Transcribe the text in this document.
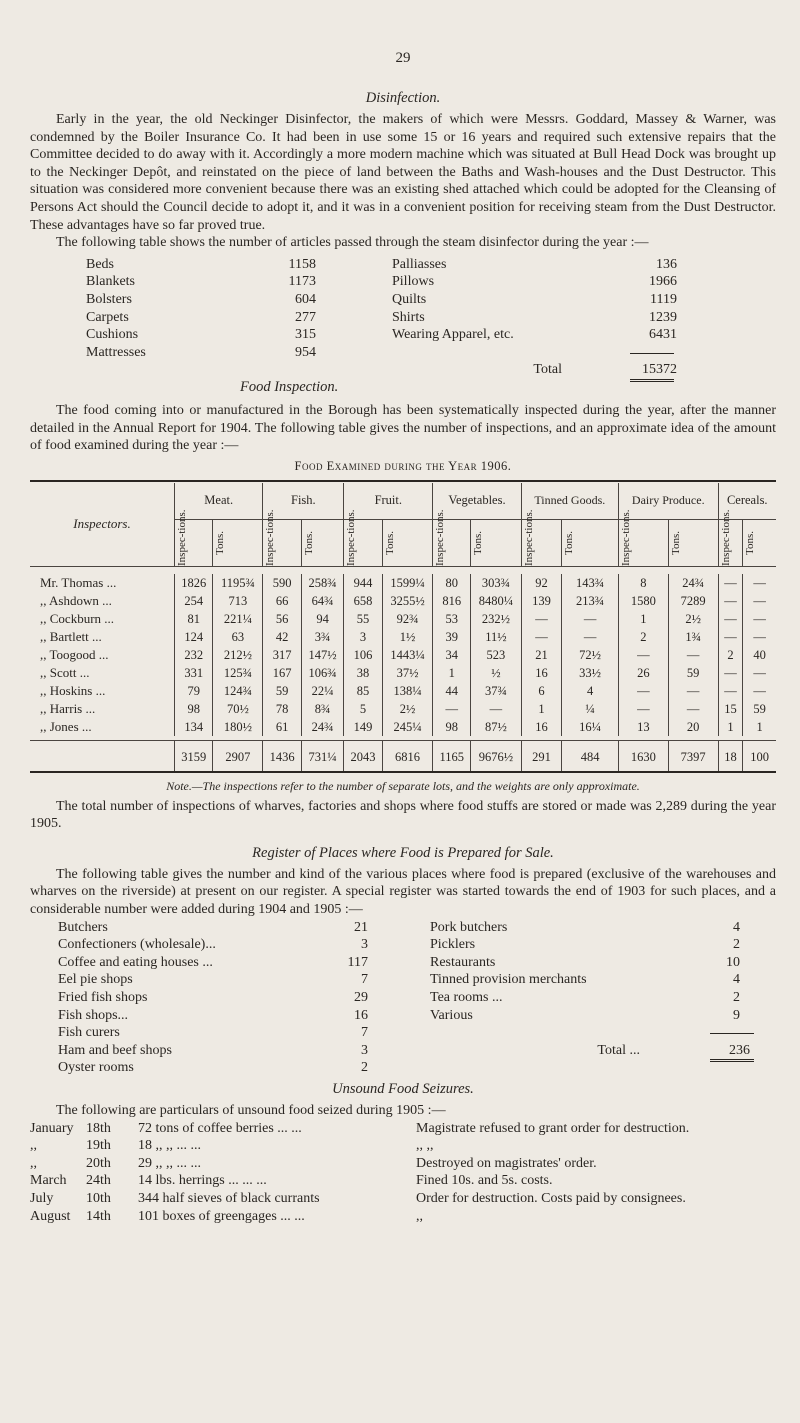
29
Disinfection.

Early in the year, the old Neckinger Disinfector, the makers of which were Messrs. Goddard, Massey & Warner, was condemned by the Boiler Insurance Co. It had been in use some 15 or 16 years and required such extensive repairs that the Committee decided to do away with it. Accordingly a more modern machine which was situated at Bull Head Dock was brought up to the Neckinger Depôt, and reinstated on the piece of land between the Baths and Wash-houses and the Dust Destructor. This situation was considered more convenient because there was an existing shed attached which could be adopted for the Cleansing of Persons Act should the Council decide to adopt it, and it was in a convenient position for receiving steam from the Dust Destructor. These advantages have so far proved true.

The following table shows the number of articles passed through the steam disinfector during the year :—

Beds	1158
Blankets	1173
Bolsters	604
Carpets	277
Cushions	315
Mattresses	954
Palliasses	136
Pillows	1966
Quilts	1119
Shirts	1239
Wearing Apparel, etc.	6431
Total	15372
Food Inspection.

The food coming into or manufactured in the Borough has been systematically inspected during the year, after the manner detailed in the Annual Report for 1904. The following table gives the number of inspections, and an approximate idea of the amount of food examined during the year :—

Food Examined during the Year 1906.
Inspectors.	Meat.		Fish.		Fruit.		Vegetables.		Tinned Goods.		Dairy Produce.		Cereals.	

	Inspec-tions.	Tons.	Inspec-tions.	Tons.	Inspec-tions.	Tons.	Inspec-tions.	Tons.	Inspec-tions.	Tons.	Inspec-tions.	Tons.	Inspec-tions.	Tons.

Mr. Thomas ...	1826	1195¾	590	258¾	944	1599¼	80	303¾	92	143¾	8	24¾	—	—
,, Ashdown ...	254	713	66	64¾	658	3255½	816	8480¼	139	213¾	1580	7289	—	—
,, Cockburn ...	81	221¼	56	94	55	92¾	53	232½	—	—	1	2½	—	—
,, Bartlett ...	124	63	42	3¾	3	1½	39	11½	—	—	2	1¾	—	—
,, Toogood ...	232	212½	317	147½	106	1443¼	34	523	21	72½	—	—	2	40
,, Scott ...	331	125¾	167	106¾	38	37½	1	½	16	33½	26	59	—	—
,, Hoskins ...	79	124¾	59	22¼	85	138¼	44	37¾	6	4	—	—	—	—
,, Harris ...	98	70½	78	8¾	5	2½	—	—	1	¼	—	—	15	59
,, Jones ...	134	180½	61	24¾	149	245¼	98	87½	16	16¼	13	20	1	1

	3159	2907	1436	731¼	2043	6816	1165	9676½	291	484	1630	7397	18	100
Note.—The inspections refer to the number of separate lots, and the weights are only approximate.

The total number of inspections of wharves, factories and shops where food stuffs are stored or made was 2,289 during the year 1905.

Register of Places where Food is Prepared for Sale.

The following table gives the number and kind of the various places where food is prepared (exclusive of the warehouses and wharves on the riverside) at present on our register. A special register was started towards the end of 1903 for such places, and a considerable number were added during 1904 and 1905 :—

Butchers	21
Confectioners (wholesale)...	3
Coffee and eating houses ...	117
Eel pie shops	7
Fried fish shops	29
Fish shops...	16
Fish curers	7
Ham and beef shops	3
Oyster rooms	2
Pork butchers	4
Picklers	2
Restaurants	10
Tinned provision merchants	4
Tea rooms ...	2
Various	9
Total ...	236
Unsound Food Seizures.

The following are particulars of unsound food seized during 1905 :—

January 18th	72 tons of coffee berries ... ...	Magistrate refused to grant order for destruction.
,,	19th	18 ,, ,, ... ...	,, ,,
,,	20th	29 ,, ,, ... ...	Destroyed on magistrates' order.
March	24th	14 lbs. herrings ... ... ...	Fined 10s. and 5s. costs.
July	10th	344 half sieves of black currants	Order for destruction. Costs paid by consignees.
August	14th	101 boxes of greengages ... ...	,,
